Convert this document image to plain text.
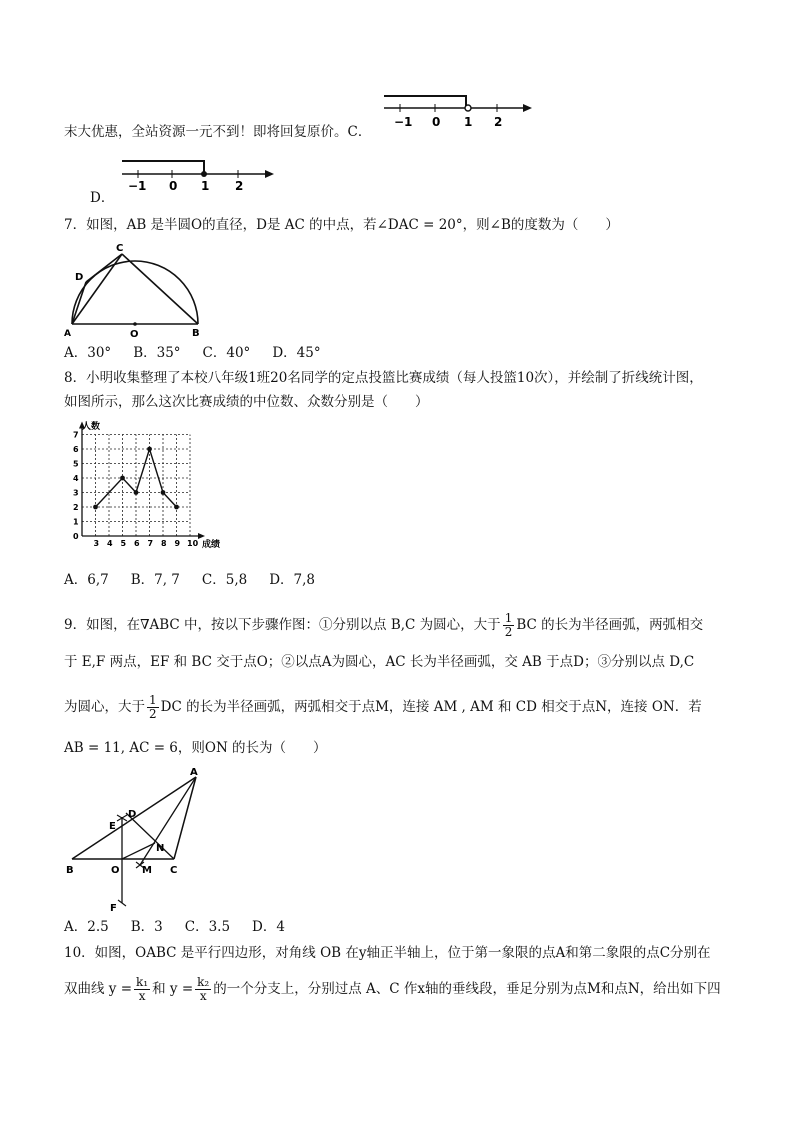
末大优惠，全站资源一元不到！即将回复原价。C．
−1 0 1 2
D．
−1 0 1 2
7．如图，AB 是半圆O的直径，D是 AC 的中点，若∠DAC = 20°，则∠B的度数为（　　）
A	B
C
D
O
A．30° B．35° C．40° D．45°
8．小明收集整理了本校八年级1班20名同学的定点投篮比赛成绩（每人投篮10次），并绘制了折线统计图，
如图所示，那么这次比赛成绩的中位数、众数分别是（　　）
0
1
2
3
4
5
6
7
3 4 5 6 7 8 9 10
人数
成绩
A．6,7 B．7, 7 C．5,8 D．7,8
9．如图，在∇ABC 中，按以下步骤作图：①分别以点 B,C 为圆心，大于 $\frac{1}{2}$ BC 的长为半径画弧，两弧相交
于 E,F 两点，EF 和 BC 交于点O；②以点A为圆心，AC 长为半径画弧，交 AB 于点D；③分别以点 D,C
为圆心，大于 $\frac{1}{2}$ DC 的长为半径画弧，两弧相交于点M，连接 AM , AM 和 CD 相交于点N，连接 ON．若
AB = 11, AC = 6，则ON 的长为（　　）
A
B	C
D
E
F
M
N
O
A．2.5 B．3 C．3.5 D．4
10．如图，OABC 是平行四边形，对角线 OB 在y轴正半轴上，位于第一象限的点A和第二象限的点C分别在
双曲线 $y = \frac{\text{k₁}}{x}$ 和 $y = \frac{\text{k₂}}{x}$ 的一个分支上，分别过点 A、C 作x轴的垂线段，垂足分别为点M和点N，给出如下四
